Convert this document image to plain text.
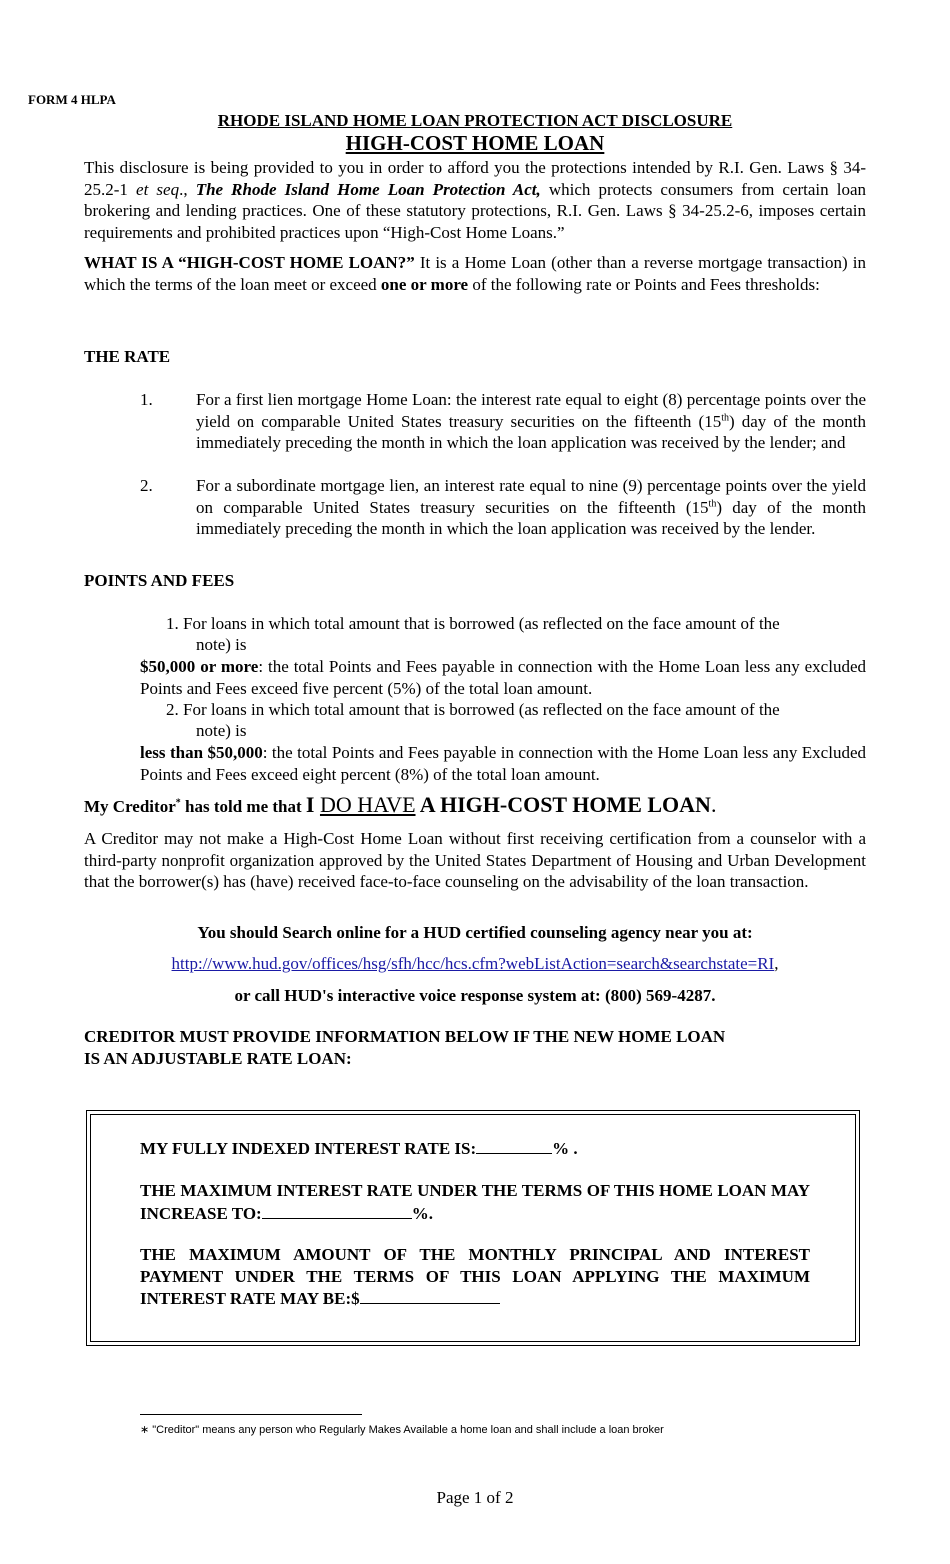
FORM 4 HLPA
RHODE ISLAND HOME LOAN PROTECTION ACT DISCLOSURE
HIGH-COST HOME LOAN
This disclosure is being provided to you in order to afford you the protections intended by R.I. Gen. Laws § 34-25.2-1 et seq., The Rhode Island Home Loan Protection Act, which protects consumers from certain loan brokering and lending practices. One of these statutory protections, R.I. Gen. Laws § 34-25.2-6, imposes certain requirements and prohibited practices upon “High-Cost Home Loans.”
WHAT IS A “HIGH-COST HOME LOAN?” It is a Home Loan (other than a reverse mortgage transaction) in which the terms of the loan meet or exceed one or more of the following rate or Points and Fees thresholds:
THE RATE
1.	For a first lien mortgage Home Loan: the interest rate equal to eight (8) percentage points over the yield on comparable United States treasury securities on the fifteenth (15th) day of the month immediately preceding the month in which the loan application was received by the lender; and
2.	For a subordinate mortgage lien, an interest rate equal to nine (9) percentage points over the yield on comparable United States treasury securities on the fifteenth (15th) day of the month immediately preceding the month in which the loan application was received by the lender.
POINTS AND FEES
1. For loans in which total amount that is borrowed (as reflected on the face amount of the
note) is
$50,000 or more: the total Points and Fees payable in connection with the Home Loan less any excluded Points and Fees exceed five percent (5%) of the total loan amount.
2. For loans in which total amount that is borrowed (as reflected on the face amount of the
note) is
less than $50,000: the total Points and Fees payable in connection with the Home Loan less any Excluded Points and Fees exceed eight percent (8%) of the total loan amount.
My Creditor* has told me that I DO HAVE A HIGH-COST HOME LOAN.
A Creditor may not make a High-Cost Home Loan without first receiving certification from a counselor with a third-party nonprofit organization approved by the United States Department of Housing and Urban Development that the borrower(s) has (have) received face-to-face counseling on the advisability of the loan transaction.
You should Search online for a HUD certified counseling agency near you at:
http://www.hud.gov/offices/hsg/sfh/hcc/hcs.cfm?webListAction=search&searchstate=RI,
or call HUD's interactive voice response system at: (800) 569-4287.
CREDITOR MUST PROVIDE INFORMATION BELOW IF THE NEW HOME LOAN
IS AN ADJUSTABLE RATE LOAN:
MY FULLY INDEXED INTEREST RATE IS:	% .
THE MAXIMUM INTEREST RATE UNDER THE TERMS OF THIS HOME LOAN MAY INCREASE TO:	%.
THE MAXIMUM AMOUNT OF THE MONTHLY PRINCIPAL AND INTEREST PAYMENT UNDER THE TERMS OF THIS LOAN APPLYING THE MAXIMUM INTEREST RATE MAY BE:$
∗ "Creditor" means any person who Regularly Makes Available a home loan and shall include a loan broker
Page 1 of 2
